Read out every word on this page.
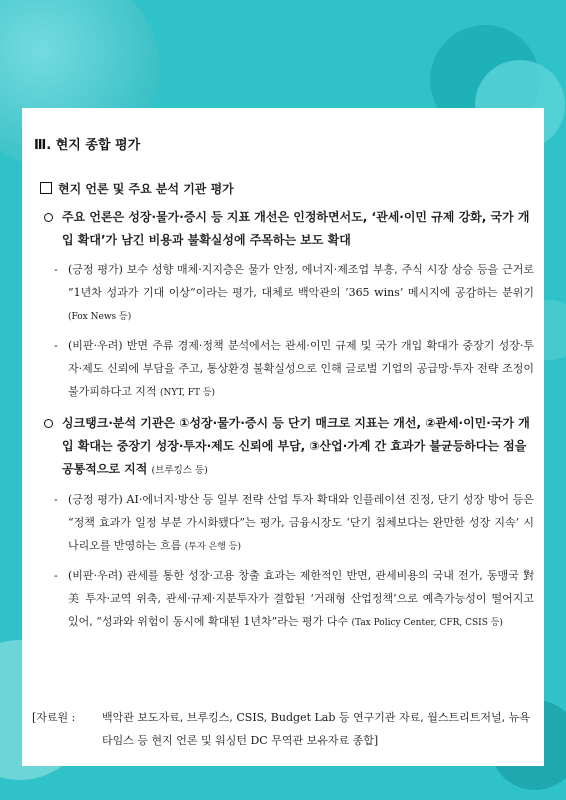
Ⅲ. 현지 종합 평가
현지 언론 및 주요 분석 기관 평가
주요 언론은 성장·물가·증시 등 지표 개선은 인정하면서도, ‘관세·이민 규제 강화, 국가 개입 확대’가 남긴 비용과 불확실성에 주목하는 보도 확대
- (긍정 평가) 보수 성향 매체·지지층은 물가 안정, 에너지·제조업 부흥, 주식 시장 상승 등을 근거로 ”1년차 성과가 기대 이상“이라는 평가, 대체로 백악관의 ’365 wins’ 메시지에 공감하는 분위기 (Fox News 등)
- (비판·우려) 반면 주류 경제·정책 분석에서는 관세·이민 규제 및 국가 개입 확대가 중장기 성장·투자·제도 신뢰에 부담을 주고, 통상환경 불확실성으로 인해 글로벌 기업의 공급망·투자 전략 조정이 불가피하다고 지적 (NYT, FT 등)
싱크탱크·분석 기관은 ①성장·물가·증시 등 단기 매크로 지표는 개선, ②관세·이민·국가 개입 확대는 중장기 성장·투자·제도 신뢰에 부담, ③산업·가계 간 효과가 불균등하다는 점을 공통적으로 지적 (브루킹스 등)
- (긍정 평가) AI·에너지·방산 등 일부 전략 산업 투자 확대와 인플레이션 진정, 단기 성장 방어 등은 “정책 효과가 일정 부분 가시화됐다”는 평가, 금융시장도 ‘단기 침체보다는 완만한 성장 지속’ 시나리오를 반영하는 흐름 (투자 은행 등)
- (비판·우려) 관세를 통한 성장·고용 창출 효과는 제한적인 반면, 관세비용의 국내 전가, 동맹국 對美 투자·교역 위축, 관세·규제·지분투자가 결합된 ‘거래형 산업정책’으로 예측가능성이 떨어지고 있어, “성과와 위험이 동시에 확대된 1년차”라는 평가 다수 (Tax Policy Center, CFR, CSIS 등)
[자료원 : 백악관 보도자료, 브루킹스, CSIS, Budget Lab 등 연구기관 자료, 월스트리트저널, 뉴욕타임스 등 현지 언론 및 워싱턴 DC 무역관 보유자료 종합]
